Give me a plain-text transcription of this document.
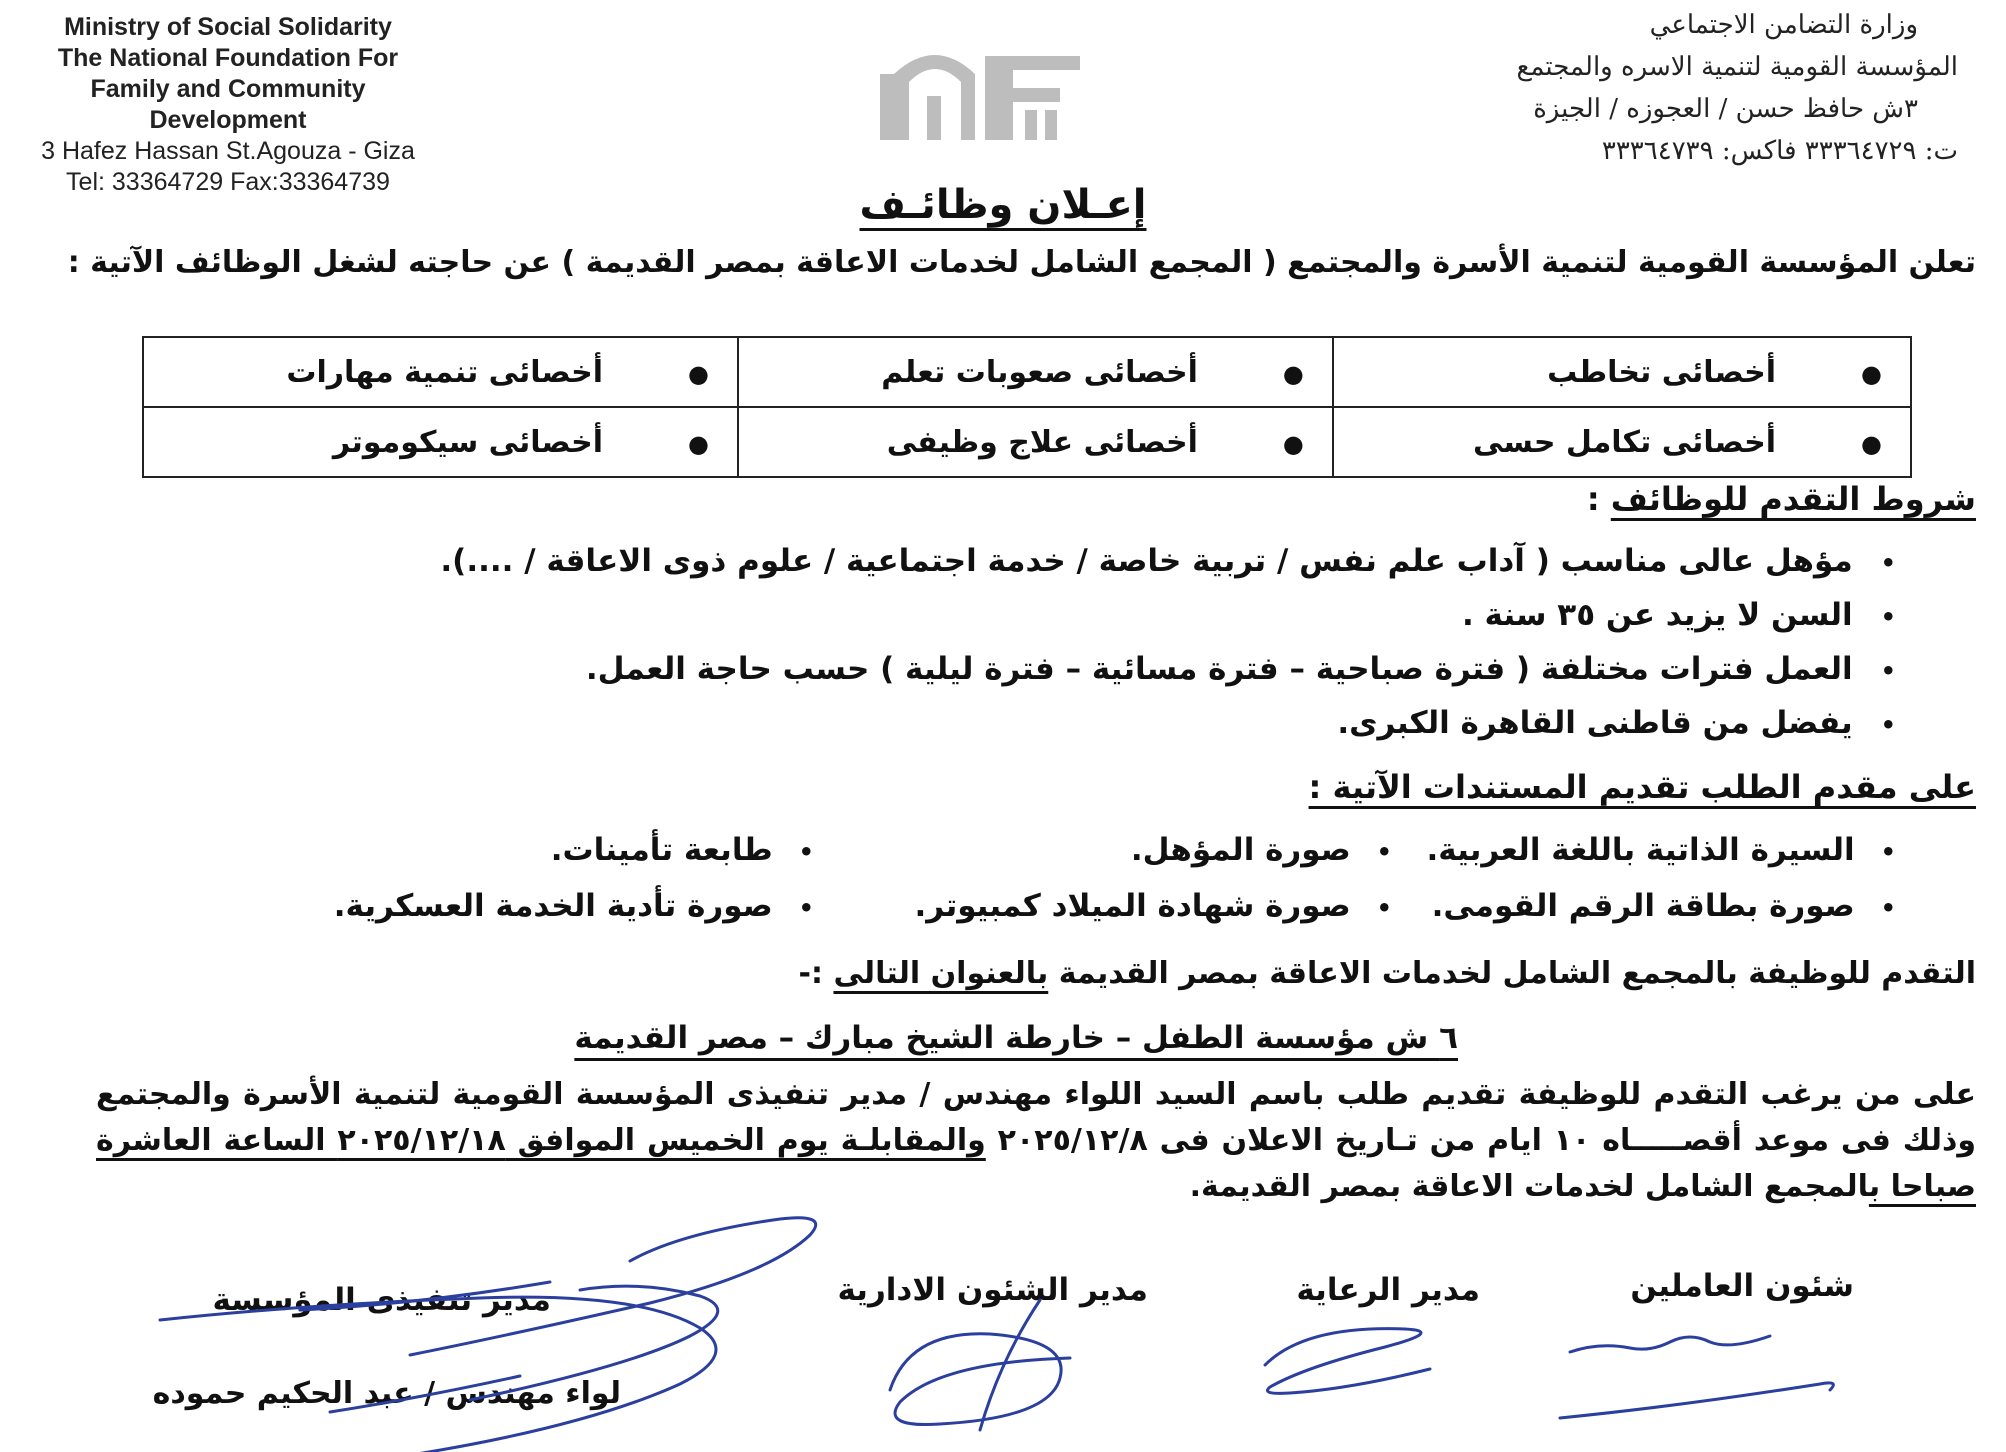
Ministry of Social Solidarity
The National Foundation For
Family and Community
Development
3 Hafez Hassan St.Agouza - Giza
Tel: 33364729 Fax:33364739
وزارة التضامن الاجتماعي
المؤسسة القومية لتنمية الاسره والمجتمع
٣ش حافظ حسن / العجوزه / الجيزة
ت: ٣٣٣٦٤٧٢٩ فاكس: ٣٣٣٦٤٧٣٩
إعـلان وظائـف
تعلن المؤسسة القومية لتنمية الأسرة والمجتمع ( المجمع الشامل لخدمات الاعاقة بمصر القديمة ) عن حاجته لشغل الوظائف الآتية :
●أخصائى تخاطب	●أخصائى صعوبات تعلم	●أخصائى تنمية مهارات
●أخصائى تكامل حسى	●أخصائى علاج وظيفى	●أخصائى سيكوموتر
شروط التقدم للوظائف :
• مؤهل عالى مناسب ( آداب علم نفس / تربية خاصة / خدمة اجتماعية / علوم ذوى الاعاقة / ....).
• السن لا يزيد عن ٣٥ سنة .
• العمل فترات مختلفة ( فترة صباحية – فترة مسائية – فترة ليلية ) حسب حاجة العمل.
• يفضل من قاطنى القاهرة الكبرى.
على مقدم الطلب تقديم المستندات الآتية :
• السيرة الذاتية باللغة العربية.
• صورة المؤهل.
• طابعة تأمينات.
• صورة بطاقة الرقم القومى.
• صورة شهادة الميلاد كمبيوتر.
• صورة تأدية الخدمة العسكرية.
التقدم للوظيفة بالمجمع الشامل لخدمات الاعاقة بمصر القديمة بالعنوان التالى :-
٦ ش مؤسسة الطفل – خارطة الشيخ مبارك – مصر القديمة
على من يرغب التقدم للوظيفة تقديم طلب باسم السيد اللواء مهندس / مدير تنفيذى المؤسسة القومية لتنمية الأسرة والمجتمع وذلك فى موعد أقصـــــاه ١٠ ايام من تـاريخ الاعلان فى ٢٠٢٥/١٢/٨ والمقابلـة يوم الخميس الموافق ٢٠٢٥/١٢/١٨ الساعة العاشرة صباحا بالمجمع الشامل لخدمات الاعاقة بمصر القديمة.
شئون العاملين
مدير الرعاية
مدير الشئون الادارية
مدير تنفيذى المؤسسة
لواء مهندس / عبد الحكيم حموده
